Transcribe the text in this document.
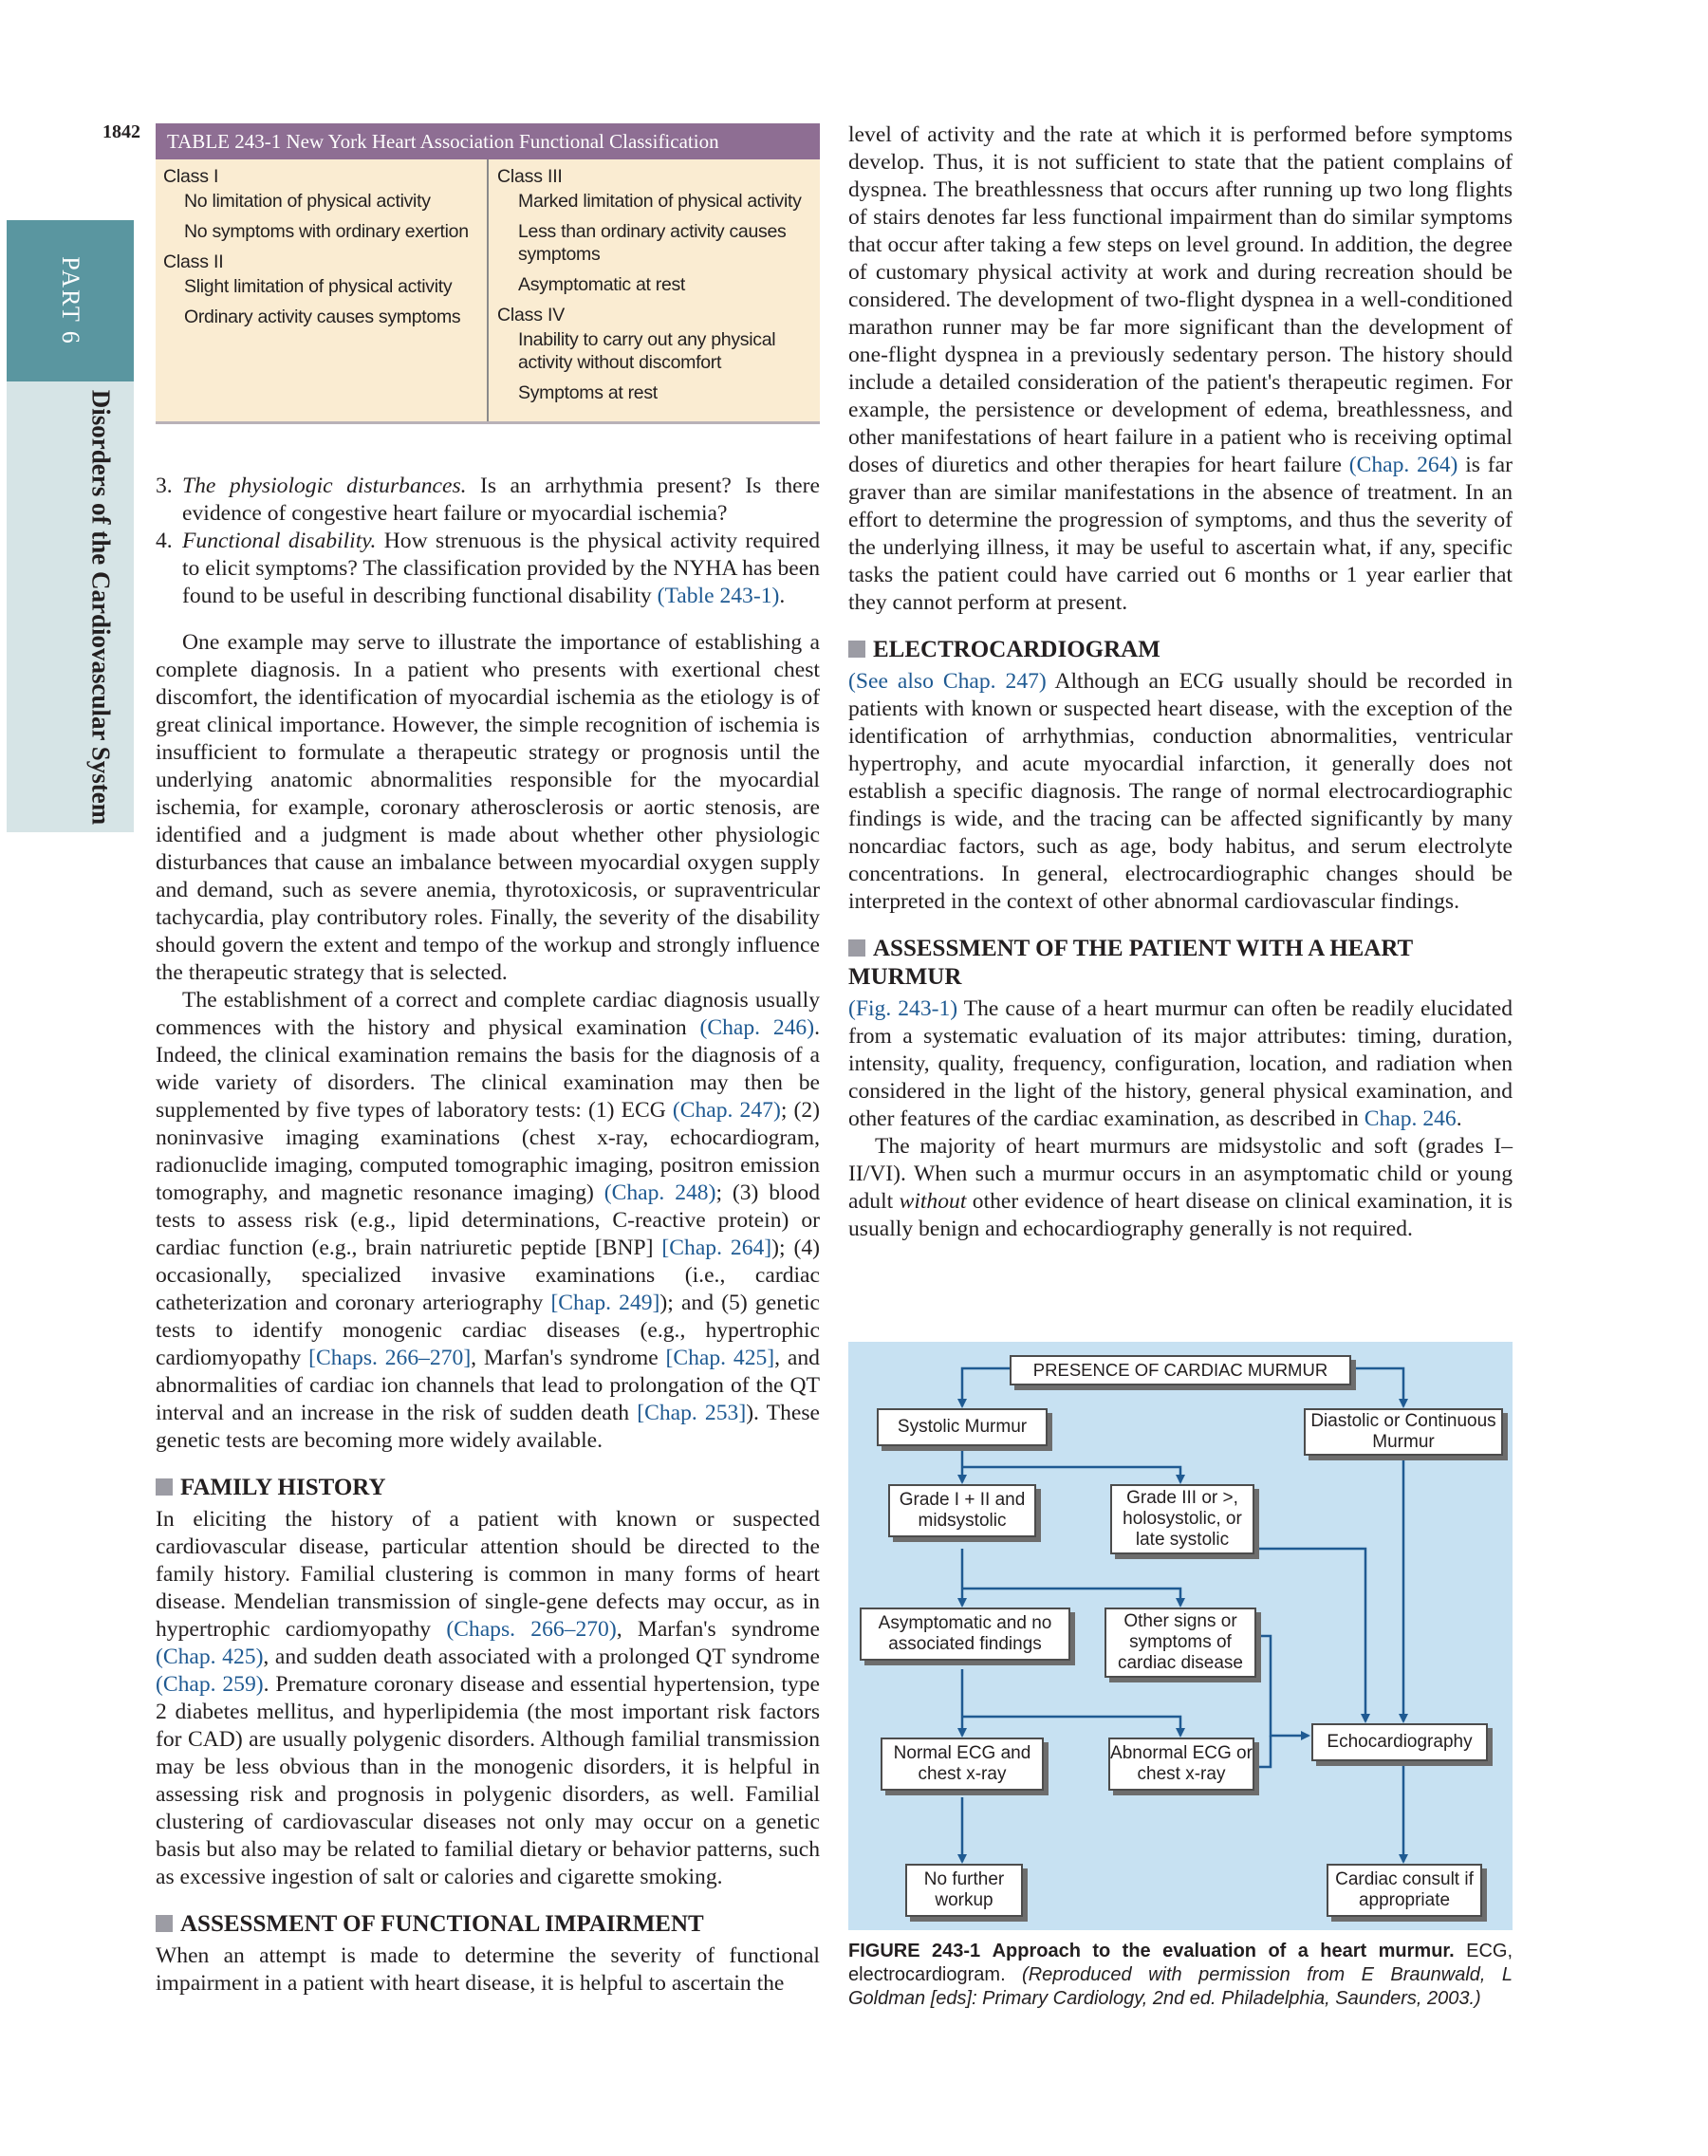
1842
PART 6
Disorders of the Cardiovascular System
TABLE 243-1 New York Heart Association Functional Classification
Class I
No limitation of physical activity
No symptoms with ordinary exertion
Class II
Slight limitation of physical activity
Ordinary activity causes symptoms
Class III
Marked limitation of physical activity
Less than ordinary activity causes symptoms
Asymptomatic at rest
Class IV
Inability to carry out any physical activity without discomfort
Symptoms at rest

3. The physiologic disturbances. Is an arrhythmia present? Is there evidence of congestive heart failure or myocardial ischemia?

4. Functional disability. How strenuous is the physical activity required to elicit symptoms? The classification provided by the NYHA has been found to be useful in describing functional disability (Table 243-1).

One example may serve to illustrate the importance of establishing a complete diagnosis. In a patient who presents with exertional chest discomfort, the identification of myocardial ischemia as the etiology is of great clinical importance. However, the simple recognition of ischemia is insufficient to formulate a therapeutic strategy or prognosis until the underlying anatomic abnormalities responsible for the myocardial ischemia, for example, coronary atherosclerosis or aortic stenosis, are identified and a judgment is made about whether other physiologic disturbances that cause an imbalance between myocardial oxygen supply and demand, such as severe anemia, thyrotoxicosis, or supraventricular tachycardia, play contributory roles. Finally, the severity of the disability should govern the extent and tempo of the workup and strongly influence the therapeutic strategy that is selected.

The establishment of a correct and complete cardiac diagnosis usually commences with the history and physical examination (Chap. 246). Indeed, the clinical examination remains the basis for the diagnosis of a wide variety of disorders. The clinical examination may then be supplemented by five types of laboratory tests: (1) ECG (Chap. 247); (2) noninvasive imaging examinations (chest x-ray, echocardiogram, radionuclide imaging, computed tomographic imaging, positron emission tomography, and magnetic resonance imaging) (Chap. 248); (3) blood tests to assess risk (e.g., lipid determinations, C-reactive protein) or cardiac function (e.g., brain natriuretic peptide [BNP] [Chap. 264]); (4) occasionally, specialized invasive examinations (i.e., cardiac catheterization and coronary arteriography [Chap. 249]); and (5) genetic tests to identify monogenic cardiac diseases (e.g., hypertrophic cardiomyopathy [Chaps. 266–270], Marfan's syndrome [Chap. 425], and abnormalities of cardiac ion channels that lead to prolongation of the QT interval and an increase in the risk of sudden death [Chap. 253]). These genetic tests are becoming more widely available.

FAMILY HISTORY

In eliciting the history of a patient with known or suspected cardiovascular disease, particular attention should be directed to the family history. Familial clustering is common in many forms of heart disease. Mendelian transmission of single-gene defects may occur, as in hypertrophic cardiomyopathy (Chaps. 266–270), Marfan's syndrome (Chap. 425), and sudden death associated with a prolonged QT syndrome (Chap. 259). Premature coronary disease and essential hypertension, type 2 diabetes mellitus, and hyperlipidemia (the most important risk factors for CAD) are usually polygenic disorders. Although familial transmission may be less obvious than in the monogenic disorders, it is helpful in assessing risk and prognosis in polygenic disorders, as well. Familial clustering of cardiovascular diseases not only may occur on a genetic basis but also may be related to familial dietary or behavior patterns, such as excessive ingestion of salt or calories and cigarette smoking.

ASSESSMENT OF FUNCTIONAL IMPAIRMENT

When an attempt is made to determine the severity of functional impairment in a patient with heart disease, it is helpful to ascertain the

level of activity and the rate at which it is performed before symptoms develop. Thus, it is not sufficient to state that the patient complains of dyspnea. The breathlessness that occurs after running up two long flights of stairs denotes far less functional impairment than do similar symptoms that occur after taking a few steps on level ground. In addition, the degree of customary physical activity at work and during recreation should be considered. The development of two-flight dyspnea in a well-conditioned marathon runner may be far more significant than the development of one-flight dyspnea in a previously sedentary person. The history should include a detailed consideration of the patient's therapeutic regimen. For example, the persistence or development of edema, breathlessness, and other manifestations of heart failure in a patient who is receiving optimal doses of diuretics and other therapies for heart failure (Chap. 264) is far graver than are similar manifestations in the absence of treatment. In an effort to determine the progression of symptoms, and thus the severity of the underlying illness, it may be useful to ascertain what, if any, specific tasks the patient could have carried out 6 months or 1 year earlier that they cannot perform at present.

ELECTROCARDIOGRAM

(See also Chap. 247) Although an ECG usually should be recorded in patients with known or suspected heart disease, with the exception of the identification of arrhythmias, conduction abnormalities, ventricular hypertrophy, and acute myocardial infarction, it generally does not establish a specific diagnosis. The range of normal electrocardiographic findings is wide, and the tracing can be affected significantly by many noncardiac factors, such as age, body habitus, and serum electrolyte concentrations. In general, electrocardiographic changes should be interpreted in the context of other abnormal cardiovascular findings.

ASSESSMENT OF THE PATIENT WITH A HEART MURMUR

(Fig. 243-1) The cause of a heart murmur can often be readily elucidated from a systematic evaluation of its major attributes: timing, duration, intensity, quality, frequency, configuration, location, and radiation when considered in the light of the history, general physical examination, and other features of the cardiac examination, as described in Chap. 246.

The majority of heart murmurs are midsystolic and soft (grades I–II/VI). When such a murmur occurs in an asymptomatic child or young adult without other evidence of heart disease on clinical examination, it is usually benign and echocardiography generally is not required.

PRESENCE OF CARDIAC MURMUR
Systolic Murmur	Diastolic or Continuous Murmur
Grade I + II and midsystolic
Grade III or >, holosystolic, or late systolic
Asymptomatic and no associated findings
Other signs or symptoms of cardiac disease
Echocardiography
Normal ECG and chest x-ray
Abnormal ECG or chest x-ray
No further workup
Cardiac consult if appropriate
FIGURE 243-1 Approach to the evaluation of a heart murmur. ECG, electrocardiogram. (Reproduced with permission from E Braunwald, L Goldman [eds]: Primary Cardiology, 2nd ed. Philadelphia, Saunders, 2003.)
